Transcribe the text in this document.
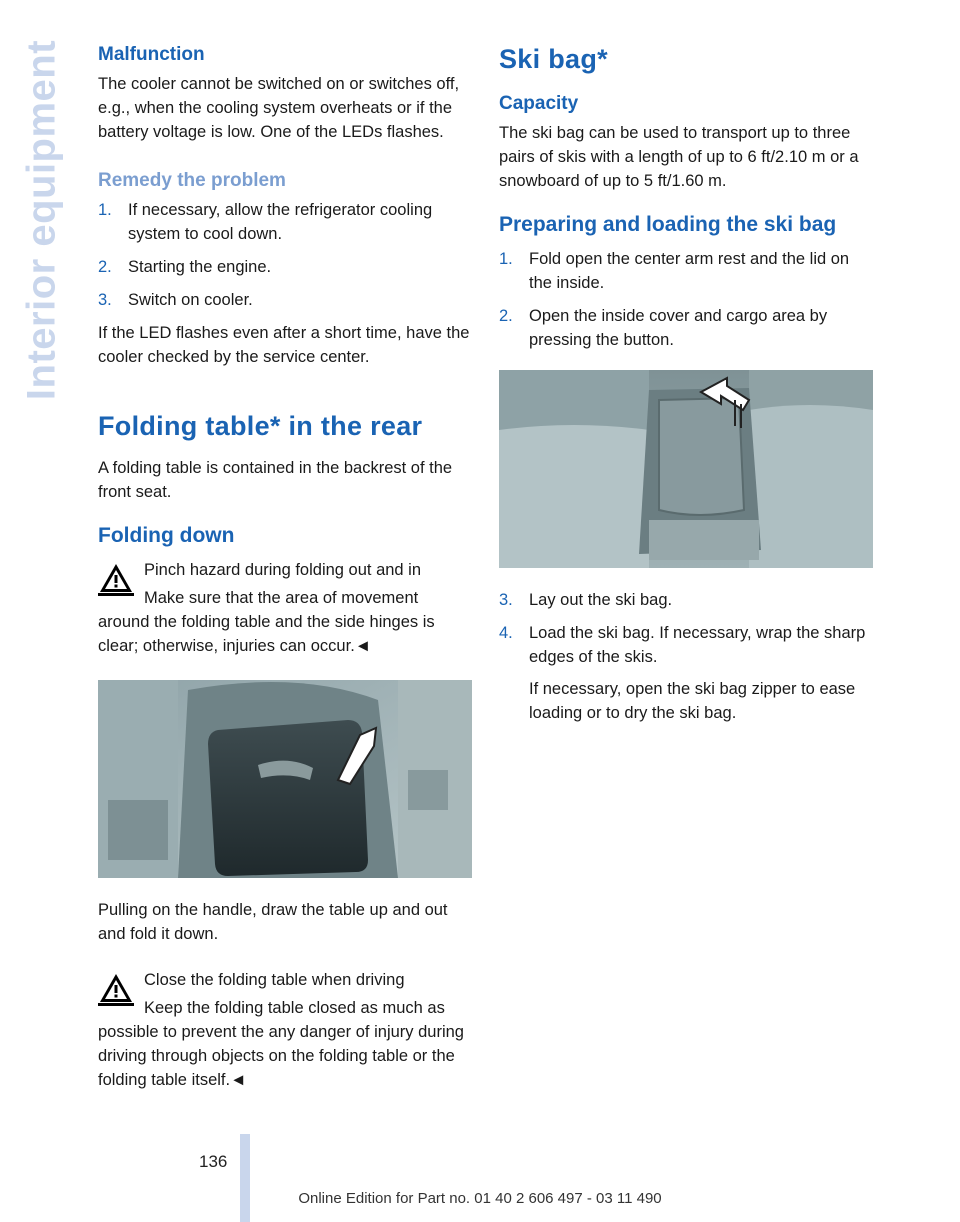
Interior equipment Malfunction

The cooler cannot be switched on or switches off, e.g., when the cooling system overheats or if the battery voltage is low. One of the LEDs flashes.

Remedy the problem
1. If necessary, allow the refrigerator cooling system to cool down.
2. Starting the engine.
3. Switch on cooler.

If the LED flashes even after a short time, have the cooler checked by the service center.

Folding table* in the rear

A folding table is contained in the backrest of the front seat.

Folding down
Pinch hazard during folding out and in
Make sure that the area of movement
around the folding table and the side hinges is clear; otherwise, injuries can occur.◄

Pulling on the handle, draw the table up and out and fold it down.

Close the folding table when driving
Keep the folding table closed as much as
possible to prevent the any danger of injury during driving through objects on the folding table or the folding table itself.◄
Ski bag*
Capacity

The ski bag can be used to transport up to three pairs of skis with a length of up to 6 ft/2.10 m or a snowboard of up to 5 ft/1.60 m.

Preparing and loading the ski bag
1. Fold open the center arm rest and the lid on the inside.
2. Open the inside cover and cargo area by pressing the button.
3. Lay out the ski bag.
4. Load the ski bag. If necessary, wrap the sharp edges of the skis.
If necessary, open the ski bag zipper to ease loading or to dry the ski bag.
136
Online Edition for Part no. 01 40 2 606 497 - 03 11 490
